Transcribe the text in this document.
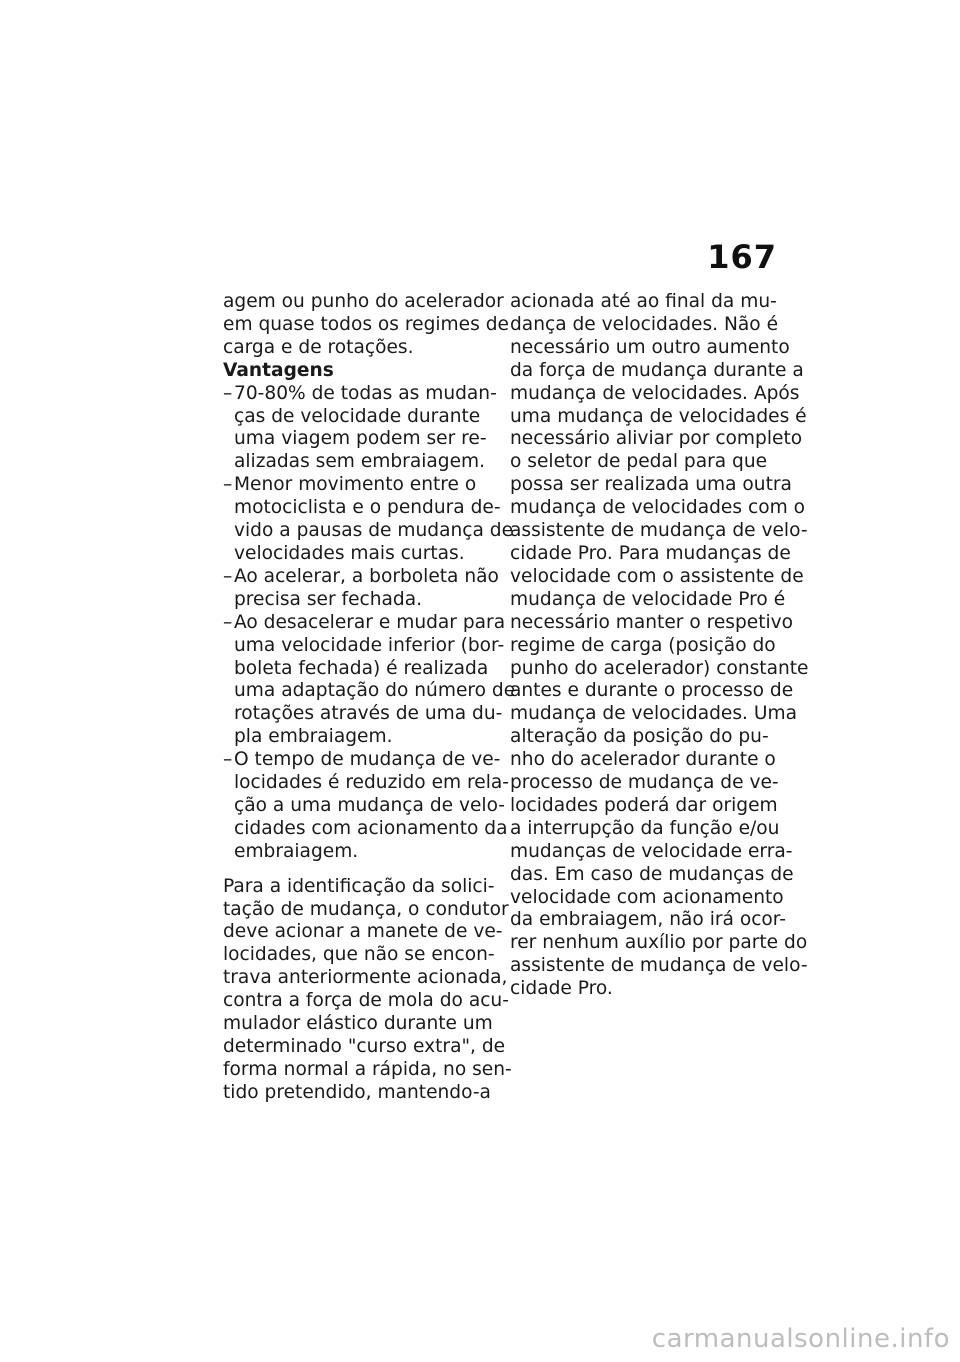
167

agem ou punho do acelerador
em quase todos os regimes de
carga e de rotações.

Vantagens

– 70-80% de todas as mudan-
ças de velocidade durante
uma viagem podem ser re-
alizadas sem embraiagem.
– Menor movimento entre o
motociclista e o pendura de-
vido a pausas de mudança de
velocidades mais curtas.
– Ao acelerar, a borboleta não
precisa ser fechada.
– Ao desacelerar e mudar para
uma velocidade inferior (bor-
boleta fechada) é realizada
uma adaptação do número de
rotações através de uma du-
pla embraiagem.
– O tempo de mudança de ve-
locidades é reduzido em rela-
ção a uma mudança de velo-
cidades com acionamento da
embraiagem.

Para a identificação da solici-
tação de mudança, o condutor
deve acionar a manete de ve-
locidades, que não se encon-
trava anteriormente acionada,
contra a força de mola do acu-
mulador elástico durante um
determinado "curso extra", de
forma normal a rápida, no sen-
tido pretendido, mantendo-a

acionada até ao final da mu-
dança de velocidades. Não é
necessário um outro aumento
da força de mudança durante a
mudança de velocidades. Após
uma mudança de velocidades é
necessário aliviar por completo
o seletor de pedal para que
possa ser realizada uma outra
mudança de velocidades com o
assistente de mudança de velo-
cidade Pro. Para mudanças de
velocidade com o assistente de
mudança de velocidade Pro é
necessário manter o respetivo
regime de carga (posição do
punho do acelerador) constante
antes e durante o processo de
mudança de velocidades. Uma
alteração da posição do pu-
nho do acelerador durante o
processo de mudança de ve-
locidades poderá dar origem
a interrupção da função e/ou
mudanças de velocidade erra-
das. Em caso de mudanças de
velocidade com acionamento
da embraiagem, não irá ocor-
rer nenhum auxílio por parte do
assistente de mudança de velo-
cidade Pro.

carmanualsonline.info
